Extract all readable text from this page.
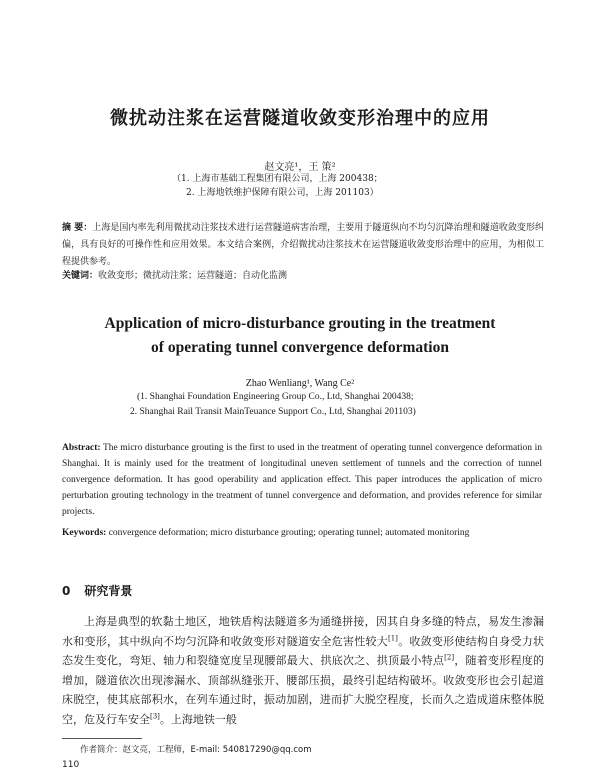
微扰动注浆在运营隧道收敛变形治理中的应用
赵文亮¹，王 策²
（1. 上海市基础工程集团有限公司，上海 200438；
2. 上海地铁维护保障有限公司，上海 201103）
摘 要：上海是国内率先利用微扰动注浆技术进行运营隧道病害治理，主要用于隧道纵向不均匀沉降治理和隧道收敛变形纠偏，具有良好的可操作性和应用效果。本文结合案例，介绍微扰动注浆技术在运营隧道收敛变形治理中的应用，为相似工程提供参考。
关键词：收敛变形；微扰动注浆；运营隧道；自动化监测
Application of micro-disturbance grouting in the treatment
of operating tunnel convergence deformation
Zhao Wenliang¹, Wang Ce²
(1. Shanghai Foundation Engineering Group Co., Ltd, Shanghai 200438;
2. Shanghai Rail Transit MainTeuance Support Co., Ltd, Shanghai 201103)
Abstract: The micro disturbance grouting is the first to used in the treatment of operating tunnel convergence deformation in Shanghai. It is mainly used for the treatment of longitudinal uneven settlement of tunnels and the correction of tunnel convergence deformation. It has good operability and application effect. This paper introduces the application of micro perturbation grouting technology in the treatment of tunnel convergence and deformation, and provides reference for similar projects.
Keywords: convergence deformation; micro disturbance grouting; operating tunnel; automated monitoring
0 研究背景
上海是典型的软黏土地区，地铁盾构法隧道多为通缝拼接，因其自身多缝的特点，易发生渗漏水和变形，其中纵向不均匀沉降和收敛变形对隧道安全危害性较大[1]。收敛变形使结构自身受力状态发生变化，弯矩、轴力和裂缝宽度呈现腰部最大、拱底次之、拱顶最小特点[2]，随着变形程度的增加，隧道依次出现渗漏水、顶部纵缝张开、腰部压损，最终引起结构破坏。收敛变形也会引起道床脱空，使其底部积水，在列车通过时，振动加剧，进而扩大脱空程度，长而久之造成道床整体脱空，危及行车安全[3]。上海地铁一般
作者简介：赵文亮，工程师，E-mail: 540817290@qq.com
110
